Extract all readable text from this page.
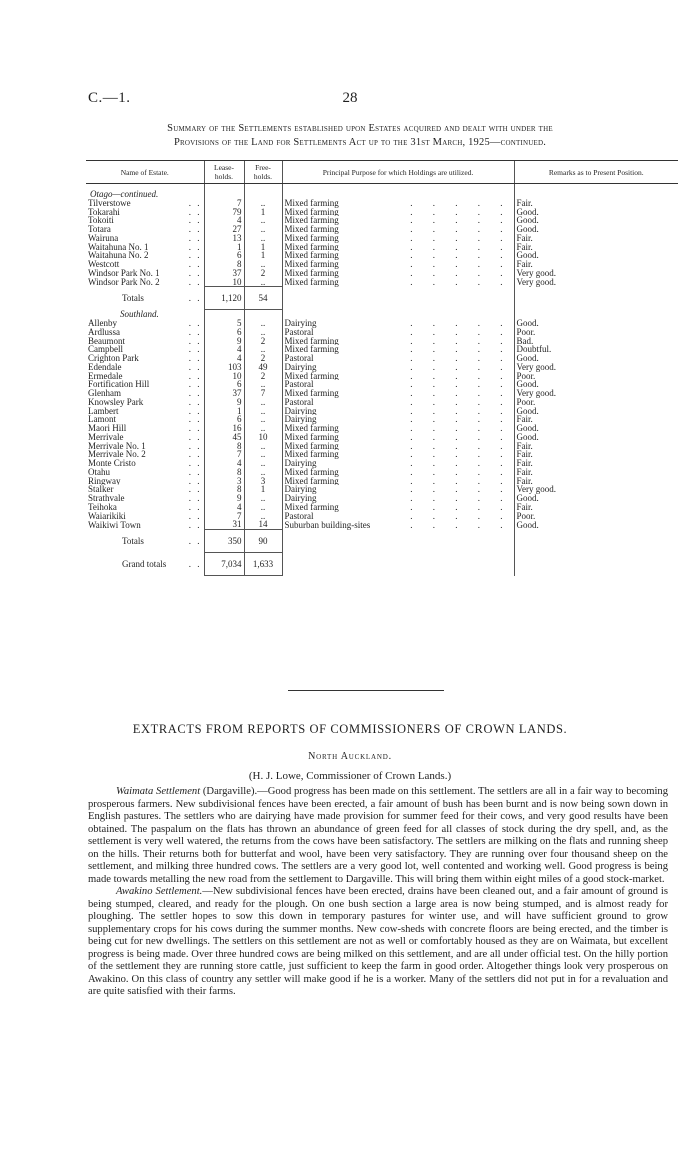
C.—1.	28
Summary of the Settlements established upon Estates acquired and dealt with under the
Provisions of the Land for Settlements Act up to the 31st March, 1925—continued.
Name of Estate.	Lease-holds.	Free-holds.	Principal Purpose for which Holdings are utilized.	Remarks as to Present Position.

Otago—continued.				
Tilverstowe . .	7	..	Mixed farming . . . . .	Fair.
Tokarahi . .	79	1	Mixed farming . . . . .	Good.
Tokoiti . .	4	..	Mixed farming . . . . .	Good.
Totara . .	27	..	Mixed farming . . . . .	Good.
Wairuna . .	13	..	Mixed farming . . . . .	Fair.
Waitahuna No. 1 . .	1	1	Mixed farming . . . . .	Fair.
Waitahuna No. 2 . .	6	1	Mixed farming . . . . .	Good.
Westcott . .	8	..	Mixed farming . . . . .	Fair.
Windsor Park No. 1 . .	37	2	Mixed farming . . . . .	Very good.
Windsor Park No. 2 . .	10	..	Mixed farming . . . . .	Very good.
Totals . .	1,120	54		
Southland.				
Allenby . .	5	..	Dairying . . . . .	Good.
Ardlussa . .	6	..	Pastoral . . . . .	Poor.
Beaumont . .	9	2	Mixed farming . . . . .	Bad.
Campbell . .	4	..	Mixed farming . . . . .	Doubtful.
Crighton Park . .	4	2	Pastoral . . . . .	Good.
Edendale . .	103	49	Dairying . . . . .	Very good.
Ermedale . .	10	2	Mixed farming . . . . .	Poor.
Fortification Hill . .	6	..	Pastoral . . . . .	Good.
Glenham . .	37	7	Mixed farming . . . . .	Very good.
Knowsley Park . .	9	..	Pastoral . . . . .	Poor.
Lambert . .	1	..	Dairying . . . . .	Good.
Lamont . .	6	..	Dairying . . . . .	Fair.
Maori Hill . .	16	..	Mixed farming . . . . .	Good.
Merrivale . .	45	10	Mixed farming . . . . .	Good.
Merrivale No. 1 . .	8	..	Mixed farming . . . . .	Fair.
Merrivale No. 2 . .	7	..	Mixed farming . . . . .	Fair.
Monte Cristo . .	4	..	Dairying . . . . .	Fair.
Otahu . .	8	..	Mixed farming . . . . .	Fair.
Ringway . .	3	3	Mixed farming . . . . .	Fair.
Stalker . .	8	1	Dairying . . . . .	Very good.
Strathvale . .	9	..	Dairying . . . . .	Good.
Teihoka . .	4	..	Mixed farming . . . . .	Fair.
Waiarikiki . .	7	..	Pastoral . . . . .	Poor.
Waikiwi Town . .	31	14	Suburban building-sites . . . . .	Good.
Totals . .	350	90		
Grand totals . .	7,034	1,633		
EXTRACTS FROM REPORTS OF COMMISSIONERS OF CROWN LANDS.
North Auckland.
(H. J. Lowe, Commissioner of Crown Lands.)

Waimata Settlement (Dargaville).—Good progress has been made on this settlement. The settlers are all in a fair way to becoming prosperous farmers. New subdivisional fences have been erected, a fair amount of bush has been burnt and is now being sown down in English pastures. The settlers who are dairying have made provision for summer feed for their cows, and very good results have been obtained. The paspalum on the flats has thrown an abundance of green feed for all classes of stock during the dry spell, and, as the settlement is very well watered, the returns from the cows have been satisfactory. The settlers are milking on the flats and running sheep on the hills. Their returns both for butterfat and wool, have been very satisfactory. They are running over four thousand sheep on the settlement, and milking three hundred cows. The settlers are a very good lot, well contented and working well. Good progress is being made towards metalling the new road from the settlement to Dargaville. This will bring them within eight miles of a good stock-market.

Awakino Settlement.—New subdivisional fences have been erected, drains have been cleaned out, and a fair amount of ground is being stumped, cleared, and ready for the plough. On one bush section a large area is now being stumped, and is almost ready for ploughing. The settler hopes to sow this down in temporary pastures for winter use, and will have sufficient ground to grow supplementary crops for his cows during the summer months. New cow-sheds with concrete floors are being erected, and the timber is being cut for new dwellings. The settlers on this settlement are not as well or comfortably housed as they are on Waimata, but excellent progress is being made. Over three hundred cows are being milked on this settlement, and are all under official test. On the hilly portion of the settlement they are running store cattle, just sufficient to keep the farm in good order. Altogether things look very prosperous on Awakino. On this class of country any settler will make good if he is a worker. Many of the settlers did not put in for a revaluation and are quite satisfied with their farms.
